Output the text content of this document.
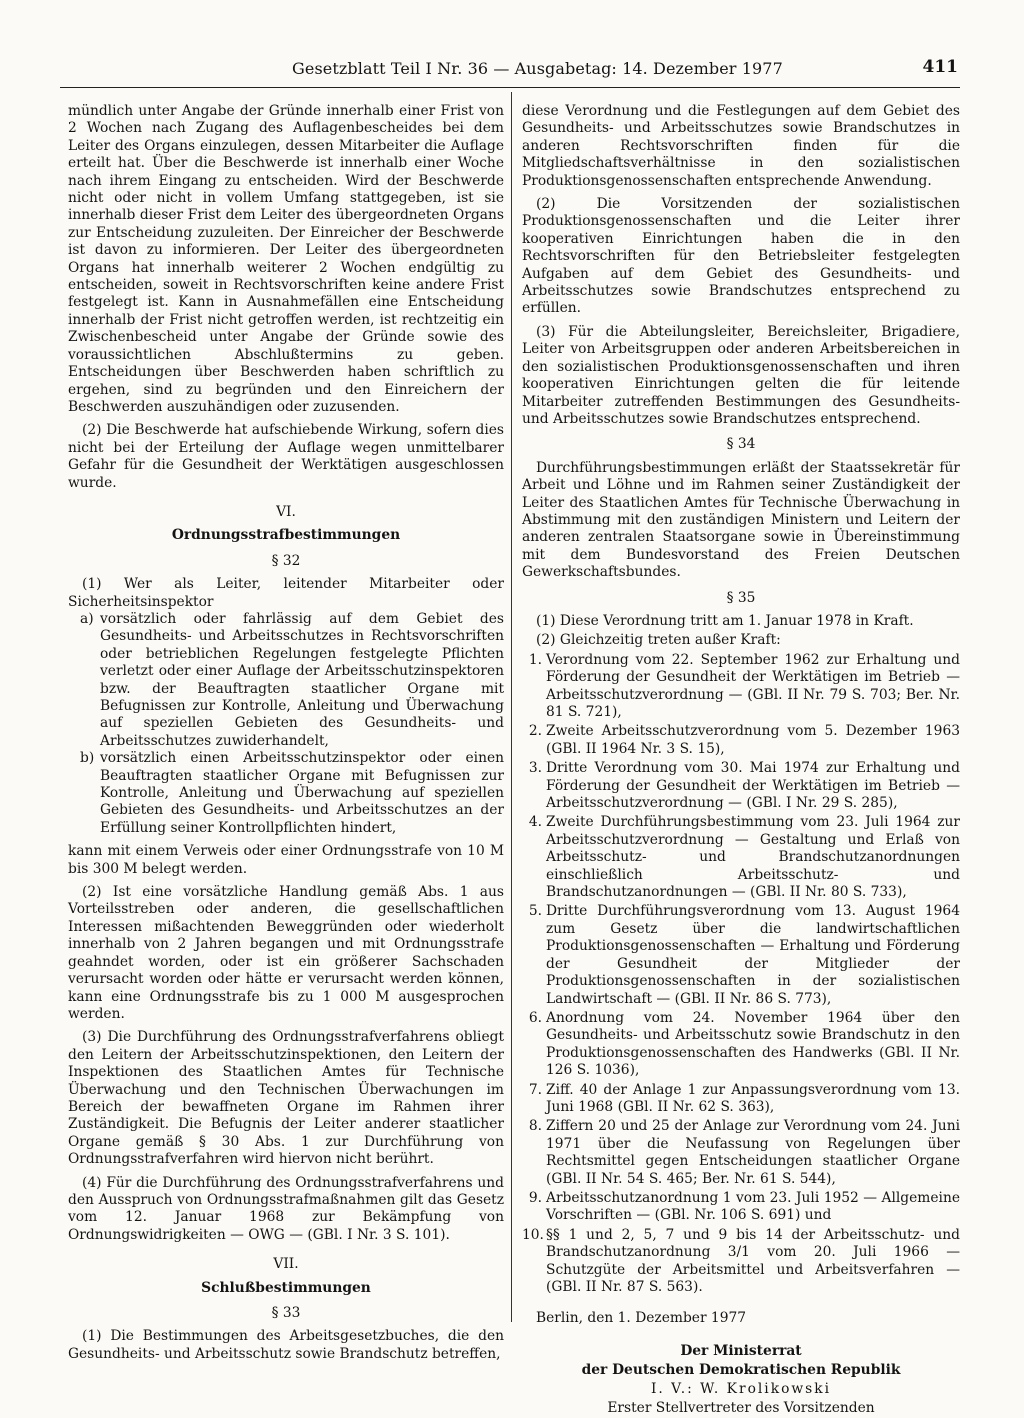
Gesetzblatt Teil I Nr. 36 — Ausgabetag: 14. Dezember 1977	411

mündlich unter Angabe der Gründe innerhalb einer Frist von 2 Wochen nach Zugang des Auflagenbescheides bei dem Leiter des Organs einzulegen, dessen Mitarbeiter die Auflage erteilt hat. Über die Beschwerde ist innerhalb einer Woche nach ihrem Eingang zu entscheiden. Wird der Beschwerde nicht oder nicht in vollem Umfang stattgegeben, ist sie innerhalb dieser Frist dem Leiter des übergeordneten Organs zur Entscheidung zuzuleiten. Der Einreicher der Beschwerde ist davon zu informieren. Der Leiter des übergeordneten Organs hat innerhalb weiterer 2 Wochen endgültig zu entscheiden, soweit in Rechtsvorschriften keine andere Frist festgelegt ist. Kann in Ausnahmefällen eine Entscheidung innerhalb der Frist nicht getroffen werden, ist rechtzeitig ein Zwischenbescheid unter Angabe der Gründe sowie des voraussichtlichen Abschlußtermins zu geben. Entscheidungen über Beschwerden haben schriftlich zu ergehen, sind zu begründen und den Einreichern der Beschwerden auszuhändigen oder zuzusenden.

(2) Die Beschwerde hat aufschiebende Wirkung, sofern dies nicht bei der Erteilung der Auflage wegen unmittelbarer Gefahr für die Gesundheit der Werktätigen ausgeschlossen wurde.

VI.

Ordnungsstrafbestimmungen

§ 32

(1) Wer als Leiter, leitender Mitarbeiter oder Sicherheitsinspektor

a) vorsätzlich oder fahrlässig auf dem Gebiet des Gesundheits- und Arbeitsschutzes in Rechtsvorschriften oder betrieblichen Regelungen festgelegte Pflichten verletzt oder einer Auflage der Arbeitsschutzinspektoren bzw. der Beauftragten staatlicher Organe mit Befugnissen zur Kontrolle, Anleitung und Überwachung auf speziellen Gebieten des Gesundheits- und Arbeitsschutzes zuwiderhandelt,
b) vorsätzlich einen Arbeitsschutzinspektor oder einen Beauftragten staatlicher Organe mit Befugnissen zur Kontrolle, Anleitung und Überwachung auf speziellen Gebieten des Gesundheits- und Arbeitsschutzes an der Erfüllung seiner Kontrollpflichten hindert,

kann mit einem Verweis oder einer Ordnungsstrafe von 10 M bis 300 M belegt werden.

(2) Ist eine vorsätzliche Handlung gemäß Abs. 1 aus Vorteilsstreben oder anderen, die gesellschaftlichen Interessen mißachtenden Beweggründen oder wiederholt innerhalb von 2 Jahren begangen und mit Ordnungsstrafe geahndet worden, oder ist ein größerer Sachschaden verursacht worden oder hätte er verursacht werden können, kann eine Ordnungsstrafe bis zu 1 000 M ausgesprochen werden.

(3) Die Durchführung des Ordnungsstrafverfahrens obliegt den Leitern der Arbeitsschutzinspektionen, den Leitern der Inspektionen des Staatlichen Amtes für Technische Überwachung und den Technischen Überwachungen im Bereich der bewaffneten Organe im Rahmen ihrer Zuständigkeit. Die Befugnis der Leiter anderer staatlicher Organe gemäß § 30 Abs. 1 zur Durchführung von Ordnungsstrafverfahren wird hiervon nicht berührt.

(4) Für die Durchführung des Ordnungsstrafverfahrens und den Ausspruch von Ordnungsstrafmaßnahmen gilt das Gesetz vom 12. Januar 1968 zur Bekämpfung von Ordnungswidrigkeiten — OWG — (GBl. I Nr. 3 S. 101).

VII.

Schlußbestimmungen

§ 33

(1) Die Bestimmungen des Arbeitsgesetzbuches, die den Gesundheits- und Arbeitsschutz sowie Brandschutz betreffen,

diese Verordnung und die Festlegungen auf dem Gebiet des Gesundheits- und Arbeitsschutzes sowie Brandschutzes in anderen Rechtsvorschriften finden für die Mitgliedschaftsverhältnisse in den sozialistischen Produktionsgenossenschaften entsprechende Anwendung.

(2) Die Vorsitzenden der sozialistischen Produktionsgenossenschaften und die Leiter ihrer kooperativen Einrichtungen haben die in den Rechtsvorschriften für den Betriebsleiter festgelegten Aufgaben auf dem Gebiet des Gesundheits- und Arbeitsschutzes sowie Brandschutzes entsprechend zu erfüllen.

(3) Für die Abteilungsleiter, Bereichsleiter, Brigadiere, Leiter von Arbeitsgruppen oder anderen Arbeitsbereichen in den sozialistischen Produktionsgenossenschaften und ihren kooperativen Einrichtungen gelten die für leitende Mitarbeiter zutreffenden Bestimmungen des Gesundheits- und Arbeitsschutzes sowie Brandschutzes entsprechend.

§ 34

Durchführungsbestimmungen erläßt der Staatssekretär für Arbeit und Löhne und im Rahmen seiner Zuständigkeit der Leiter des Staatlichen Amtes für Technische Überwachung in Abstimmung mit den zuständigen Ministern und Leitern der anderen zentralen Staatsorgane sowie in Übereinstimmung mit dem Bundesvorstand des Freien Deutschen Gewerkschaftsbundes.

§ 35

(1) Diese Verordnung tritt am 1. Januar 1978 in Kraft.

(2) Gleichzeitig treten außer Kraft:

1. Verordnung vom 22. September 1962 zur Erhaltung und Förderung der Gesundheit der Werktätigen im Betrieb — Arbeitsschutzverordnung — (GBl. II Nr. 79 S. 703; Ber. Nr. 81 S. 721),
2. Zweite Arbeitsschutzverordnung vom 5. Dezember 1963 (GBl. II 1964 Nr. 3 S. 15),
3. Dritte Verordnung vom 30. Mai 1974 zur Erhaltung und Förderung der Gesundheit der Werktätigen im Betrieb — Arbeitsschutzverordnung — (GBl. I Nr. 29 S. 285),
4. Zweite Durchführungsbestimmung vom 23. Juli 1964 zur Arbeitsschutzverordnung — Gestaltung und Erlaß von Arbeitsschutz- und Brandschutzanordnungen einschließlich Arbeitsschutz- und Brandschutzanordnungen — (GBl. II Nr. 80 S. 733),
5. Dritte Durchführungsverordnung vom 13. August 1964 zum Gesetz über die landwirtschaftlichen Produktionsgenossenschaften — Erhaltung und Förderung der Gesundheit der Mitglieder der Produktionsgenossenschaften in der sozialistischen Landwirtschaft — (GBl. II Nr. 86 S. 773),
6. Anordnung vom 24. November 1964 über den Gesundheits- und Arbeitsschutz sowie Brandschutz in den Produktionsgenossenschaften des Handwerks (GBl. II Nr. 126 S. 1036),
7. Ziff. 40 der Anlage 1 zur Anpassungsverordnung vom 13. Juni 1968 (GBl. II Nr. 62 S. 363),
8. Ziffern 20 und 25 der Anlage zur Verordnung vom 24. Juni 1971 über die Neufassung von Regelungen über Rechtsmittel gegen Entscheidungen staatlicher Organe (GBl. II Nr. 54 S. 465; Ber. Nr. 61 S. 544),
9. Arbeitsschutzanordnung 1 vom 23. Juli 1952 — Allgemeine Vorschriften — (GBl. Nr. 106 S. 691) und
10. §§ 1 und 2, 5, 7 und 9 bis 14 der Arbeitsschutz- und Brandschutzanordnung 3/1 vom 20. Juli 1966 — Schutzgüte der Arbeitsmittel und Arbeitsverfahren — (GBl. II Nr. 87 S. 563).

Berlin, den 1. Dezember 1977

Der Ministerrat
der Deutschen Demokratischen Republik
I. V.: W. Krolikowski
Erster Stellvertreter des Vorsitzenden
